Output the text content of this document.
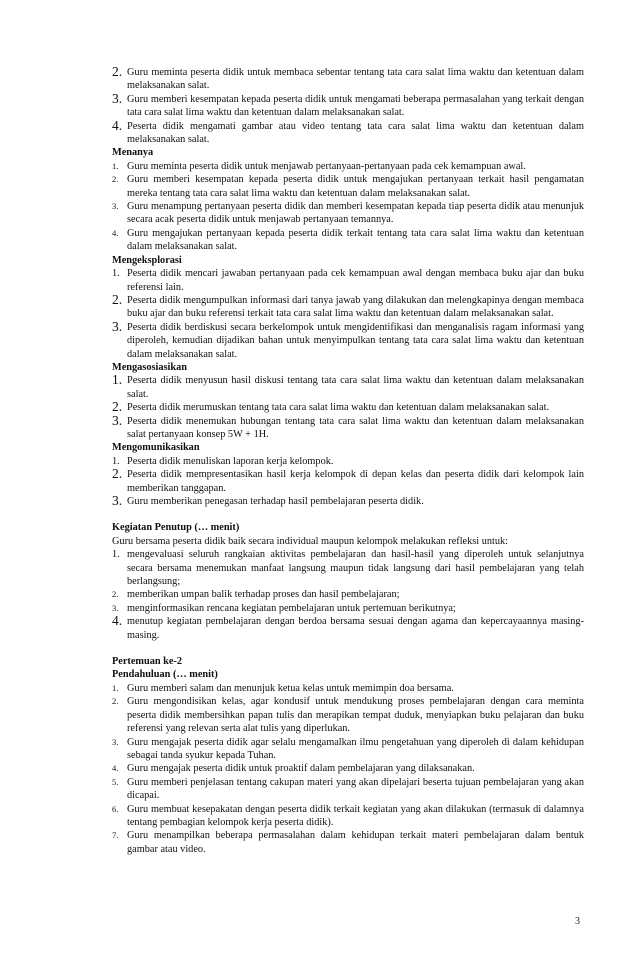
2. Guru meminta peserta didik untuk membaca sebentar tentang tata cara salat lima waktu dan ketentuan dalam melaksanakan salat.
3. Guru memberi kesempatan kepada peserta didik untuk mengamati beberapa permasalahan yang terkait dengan tata cara salat lima waktu dan ketentuan dalam melaksanakan salat.
4. Peserta didik mengamati gambar atau video tentang tata cara salat lima waktu dan ketentuan dalam melaksanakan salat.
Menanya
1. Guru meminta peserta didik untuk menjawab pertanyaan-pertanyaan pada cek kemampuan awal.
2. Guru memberi kesempatan kepada peserta didik untuk mengajukan pertanyaan terkait hasil pengamatan mereka tentang tata cara salat lima waktu dan ketentuan dalam melaksanakan salat.
3. Guru menampung pertanyaan peserta didik dan memberi kesempatan kepada tiap peserta didik atau menunjuk secara acak peserta didik untuk menjawab pertanyaan temannya.
4. Guru mengajukan pertanyaan kepada peserta didik terkait tentang tata cara salat lima waktu dan ketentuan dalam melaksanakan salat.
Mengeksplorasi
1. Peserta didik mencari jawaban pertanyaan pada cek kemampuan awal dengan membaca buku ajar dan buku referensi lain.
2. Peserta didik mengumpulkan informasi dari tanya jawab yang dilakukan dan melengkapinya dengan membaca buku ajar dan buku referensi terkait tata cara salat lima waktu dan ketentuan dalam melaksanakan salat.
3. Peserta didik berdiskusi secara berkelompok untuk mengidentifikasi dan menganalisis ragam informasi yang diperoleh, kemudian dijadikan bahan untuk menyimpulkan tentang tata cara salat lima waktu dan ketentuan dalam melaksanakan salat.
Mengasosiasikan
1. Peserta didik menyusun hasil diskusi tentang tata cara salat lima waktu dan ketentuan dalam melaksanakan salat.
2. Peserta didik merumuskan tentang tata cara salat lima waktu dan ketentuan dalam melaksanakan salat.
3. Peserta didik menemukan hubungan tentang tata cara salat lima waktu dan ketentuan dalam melaksanakan salat pertanyaan konsep 5W + 1H.
Mengomunikasikan
1. Peserta didik menuliskan laporan kerja kelompok.
2. Peserta didik mempresentasikan hasil kerja kelompok di depan kelas dan peserta didik dari kelompok lain memberikan tanggapan.
3. Guru memberikan penegasan terhadap hasil pembelajaran peserta didik.
Kegiatan Penutup (… menit)
Guru bersama peserta didik baik secara individual maupun kelompok melakukan refleksi untuk:
1. mengevaluasi seluruh rangkaian aktivitas pembelajaran dan hasil-hasil yang diperoleh untuk selanjutnya secara bersama menemukan manfaat langsung maupun tidak langsung dari hasil pembelajaran yang telah berlangsung;
2. memberikan umpan balik terhadap proses dan hasil pembelajaran;
3. menginformasikan rencana kegiatan pembelajaran untuk pertemuan berikutnya;
4. menutup kegiatan pembelajaran dengan berdoa bersama sesuai dengan agama dan kepercayaannya masing-masing.
Pertemuan ke-2
Pendahuluan (… menit)
1. Guru memberi salam dan menunjuk ketua kelas untuk memimpin doa bersama.
2. Guru mengondisikan kelas, agar kondusif untuk mendukung proses pembelajaran dengan cara meminta peserta didik membersihkan papan tulis dan merapikan tempat duduk, menyiapkan buku pelajaran dan buku referensi yang relevan serta alat tulis yang diperlukan.
3. Guru mengajak peserta didik agar selalu mengamalkan ilmu pengetahuan yang diperoleh di dalam kehidupan sebagai tanda syukur kepada Tuhan.
4. Guru mengajak peserta didik untuk proaktif dalam pembelajaran yang dilaksanakan.
5. Guru memberi penjelasan tentang cakupan materi yang akan dipelajari beserta tujuan pembelajaran yang akan dicapai.
6. Guru membuat kesepakatan dengan peserta didik terkait kegiatan yang akan dilakukan (termasuk di dalamnya tentang pembagian kelompok kerja peserta didik).
7. Guru menampilkan beberapa permasalahan dalam kehidupan terkait materi pembelajaran dalam bentuk gambar atau video.
3
